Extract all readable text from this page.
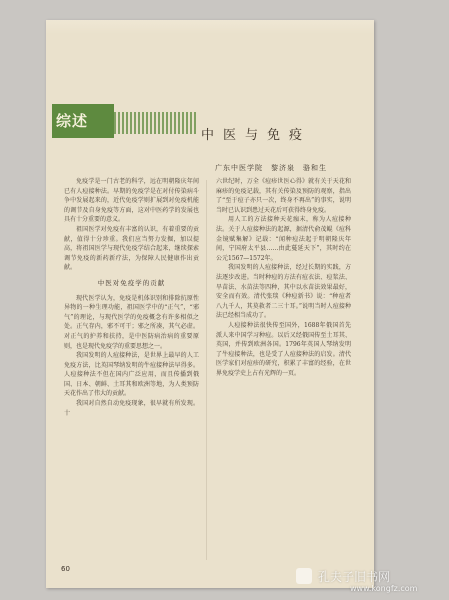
综述
中医与免疫
广东中医学院　黎济泉　骆和生

免疫学是一门古老的科学，远在明朝隆庆年间已有人痘接种法。早期的免疫学是在对付传染病斗争中发展起来的，近代免疫学则扩展到对免疫机能的调节及自身免疫等方面，这对中医药学的发展也具有十分重要的意义。

祖国医学对免疫有丰富的认识，有着重要的贡献，值得十分珍重。我们应当努力发掘，加以提高，将祖国医学与现代免疫学结合起来，继续探索调节免疫的新药新疗法，为保障人民健康作出贡献。

中医对免疫学的贡献

现代医学认为，免疫是机体识别和排除抗原性异物的一种生理功能，祖国医学中的“正气”，“邪气”的理论，与现代医学的免疫概念有许多相似之处。正气存内，邪不可干；邪之所凑，其气必虚。对正气的护养和扶持，是中医防病治病的重要原则，也是现代免疫学的重要思想之一。

我国发明的人痘接种法，是世界上最早的人工免疫方法，比英国琴纳发明的牛痘接种法早得多。人痘接种法不但在国内广泛应用，而且传播到俄国、日本、朝鲜、土耳其和欧洲等地，为人类预防天花作出了伟大的贡献。

我国对自然自动免疫现象，很早就有所发现。十

六世纪时，万全《痘疹世医心得》就有关于天花和麻疹的免疫记载，其有关传染及预防的观察，指出了“至于痘子亦只一次，终身不再出”的事实，说明当时已认识到患过天花后可获得终身免疫。

用人工的方法接种天花痂末，称为人痘接种法。关于人痘接种法的起源，据清代俞茂鲲《痘科金镜赋集解》记载：“闻种痘法起于明朝隆庆年间，宁国府太平县……由此蔓延天下”，其时约在公元1567—1572年。

我国发明的人痘接种法，经过长期的实践，方法逐步改进。当时种痘的方法有痘衣法、痘浆法、旱苗法、水苗法等四种，其中以水苗法效果最好，安全而有效。清代张琰《种痘新书》说：“种痘者八九千人，其莫救者二三十耳。”说明当时人痘接种法已经相当成功了。

人痘接种法很快传至国外，1688年俄国首先派人来中国学习种痘。以后又经俄国传至土耳其、英国，并传到欧洲各国。1796年英国人琴纳发明了牛痘接种法，也是受了人痘接种法的启发。清代医学家们对痘疹的研究，积累了丰富的经验，在世界免疫学史上占有光辉的一页。

60
孔夫子旧书网
www.kongfz.com
